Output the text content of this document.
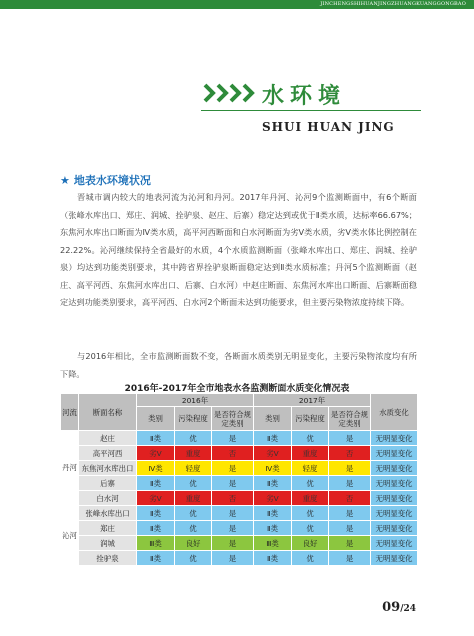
JINCHENGSHIHUANJINGZHUANGKUANGGONGBAO
水环境
SHUI HUAN JING
★ 地表水环境状况
晋城市调内较大的地表河流为沁河和丹河。2017年丹河、沁河9个监测断面中，有6个断面（张峰水库出口、郑庄、润城、拴驴泉、赵庄、后寨）稳定达到或优于Ⅱ类水质，达标率66.67%；东焦河水库出口断面为Ⅳ类水质，高平河西断面和白水河断面为劣Ⅴ类水质，劣Ⅴ类水体比例控制在22.22%。沁河继续保持全省最好的水质，4个水质监测断面（张峰水库出口、郑庄、润城、拴驴泉）均达到功能类别要求，其中跨省界拴驴泉断面稳定达到Ⅱ类水质标准；丹河5个监测断面（赵庄、高平河西、东焦河水库出口、后寨、白水河）中赵庄断面、东焦河水库出口断面、后寨断面稳定达到功能类别要求，高平河西、白水河2个断面未达到功能要求，但主要污染物浓度持续下降。
与2016年相比，全市监测断面数不变，各断面水质类别无明显变化，主要污染物浓度均有所下降。
2016年-2017年全市地表水各监测断面水质变化情况表
河流	断面名称	2016年			2017年			水质变化
		类别	污染程度	是否符合规定类别	类别	污染程度	是否符合规定类别	
丹河	赵庄	Ⅱ类	优	是	Ⅱ类	优	是	无明显变化
	高平河西	劣Ⅴ	重度	否	劣Ⅴ	重度	否	无明显变化
	东焦河水库出口	Ⅳ类	轻度	是	Ⅳ类	轻度	是	无明显变化
	后寨	Ⅱ类	优	是	Ⅱ类	优	是	无明显变化
	白水河	劣Ⅴ	重度	否	劣Ⅴ	重度	否	无明显变化
沁河	张峰水库出口	Ⅱ类	优	是	Ⅱ类	优	是	无明显变化
	郑庄	Ⅱ类	优	是	Ⅱ类	优	是	无明显变化
	润城	Ⅲ类	良好	是	Ⅲ类	良好	是	无明显变化
	拴驴泉	Ⅱ类	优	是	Ⅱ类	优	是	无明显变化
09/24
